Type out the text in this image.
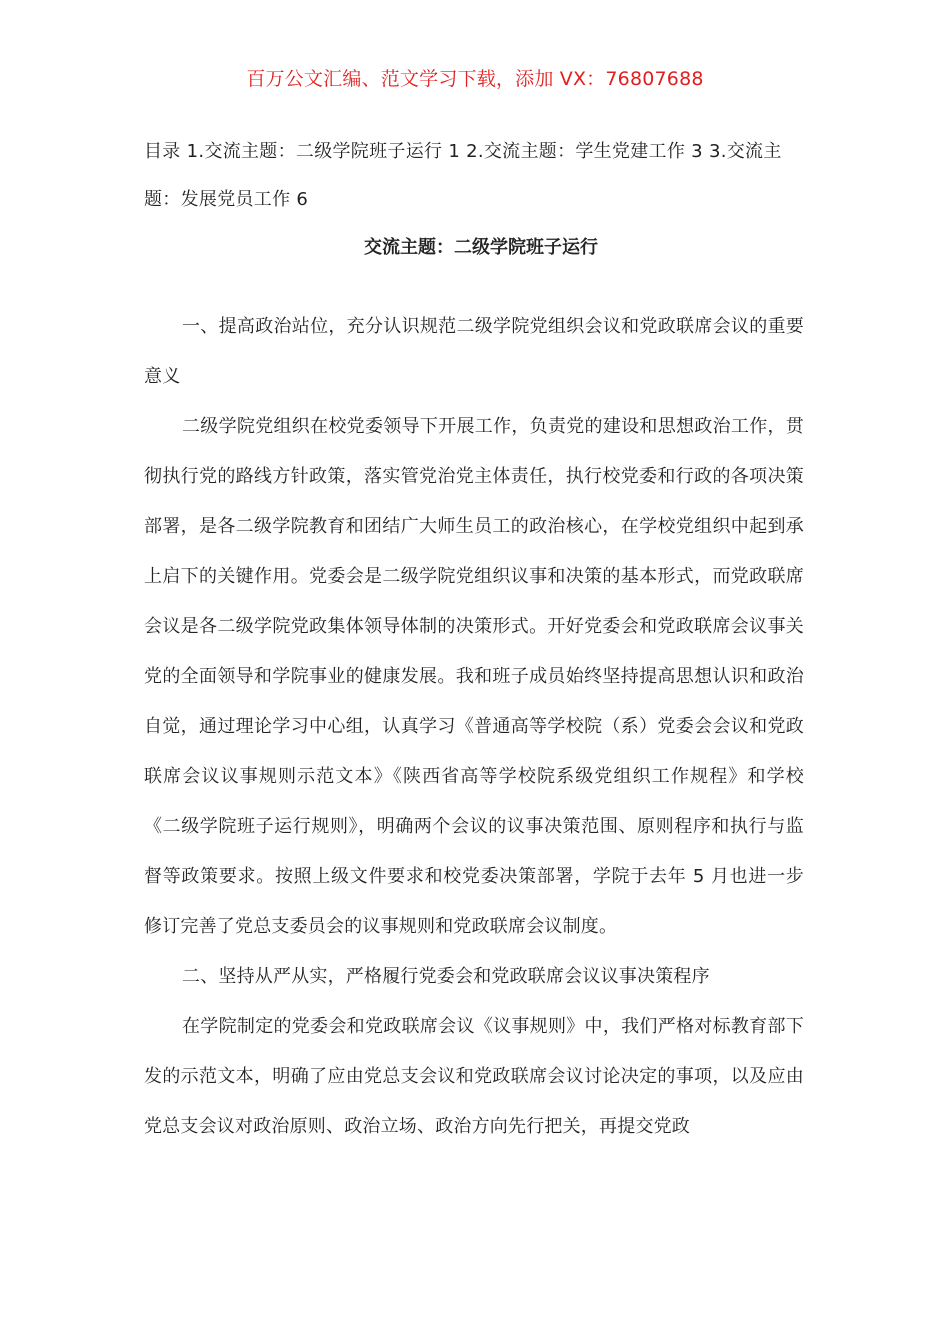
百万公文汇编、范文学习下载，添加 VX：76807688

目录 1.交流主题：二级学院班子运行 1 2.交流主题：学生党建工作 3 3.交流主题：发展党员工作 6

交流主题：二级学院班子运行

一、提高政治站位，充分认识规范二级学院党组织会议和党政联席会议的重要意义

二级学院党组织在校党委领导下开展工作，负责党的建设和思想政治工作，贯彻执行党的路线方针政策，落实管党治党主体责任，执行校党委和行政的各项决策部署，是各二级学院教育和团结广大师生员工的政治核心，在学校党组织中起到承上启下的关键作用。党委会是二级学院党组织议事和决策的基本形式，而党政联席会议是各二级学院党政集体领导体制的决策形式。开好党委会和党政联席会议事关党的全面领导和学院事业的健康发展。我和班子成员始终坚持提高思想认识和政治自觉，通过理论学习中心组，认真学习《普通高等学校院（系）党委会会议和党政联席会议议事规则示范文本》《陕西省高等学校院系级党组织工作规程》和学校《二级学院班子运行规则》，明确两个会议的议事决策范围、原则程序和执行与监督等政策要求。按照上级文件要求和校党委决策部署，学院于去年 5 月也进一步修订完善了党总支委员会的议事规则和党政联席会议制度。

二、坚持从严从实，严格履行党委会和党政联席会议议事决策程序

在学院制定的党委会和党政联席会议《议事规则》中，我们严格对标教育部下发的示范文本，明确了应由党总支会议和党政联席会议讨论决定的事项，以及应由党总支会议对政治原则、政治立场、政治方向先行把关，再提交党政
